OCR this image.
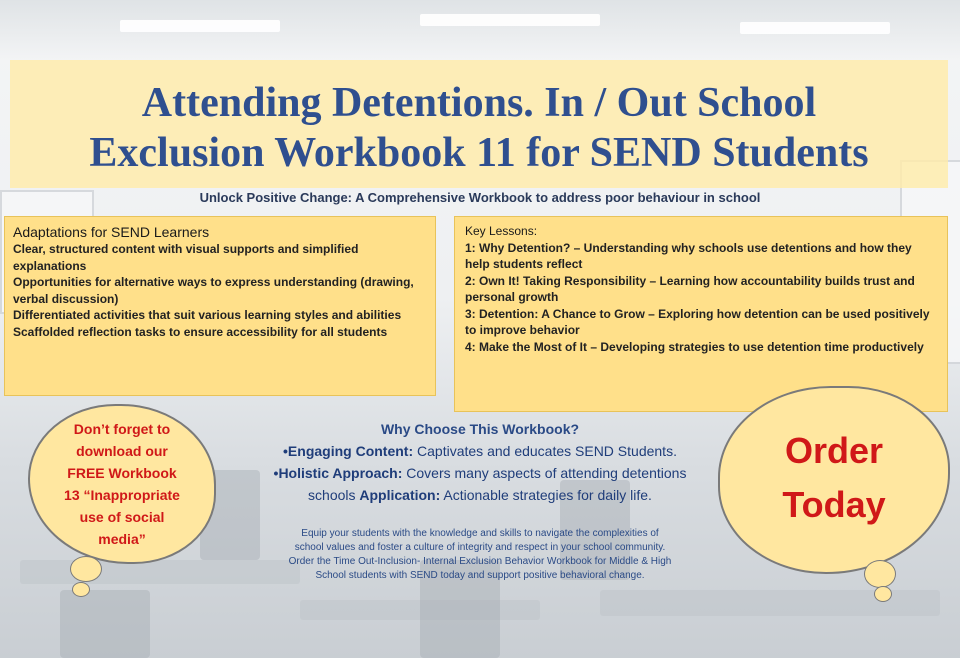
Attending Detentions. In / Out School
Exclusion Workbook 11 for SEND Students
Unlock Positive Change: A Comprehensive Workbook to address poor behaviour in school
Adaptations for SEND Learners

Clear, structured content with visual supports and simplified explanations

Opportunities for alternative ways to express understanding (drawing, verbal discussion)

Differentiated activities that suit various learning styles and abilities

Scaffolded reflection tasks to ensure accessibility for all students

Key Lessons:

1: Why Detention? – Understanding why schools use detentions and how they help students reflect

2: Own It! Taking Responsibility – Learning how accountability builds trust and personal growth

3: Detention: A Chance to Grow – Exploring how detention can be used positively to improve behavior

4: Make the Most of It – Developing strategies to use detention time productively

Don’t forget to
download our
FREE Workbook
13 “Inappropriate
use of social
media”
Order
Today
Why Choose This Workbook?
•Engaging Content: Captivates and educates SEND Students.
•Holistic Approach: Covers many aspects of attending detentions
schools Application: Actionable strategies for daily life.
Equip your students with the knowledge and skills to navigate the complexities of
school values and foster a culture of integrity and respect in your school community.
Order the Time Out-Inclusion- Internal Exclusion Behavior Workbook for Middle & High
School students with SEND today and support positive behavioral change.
